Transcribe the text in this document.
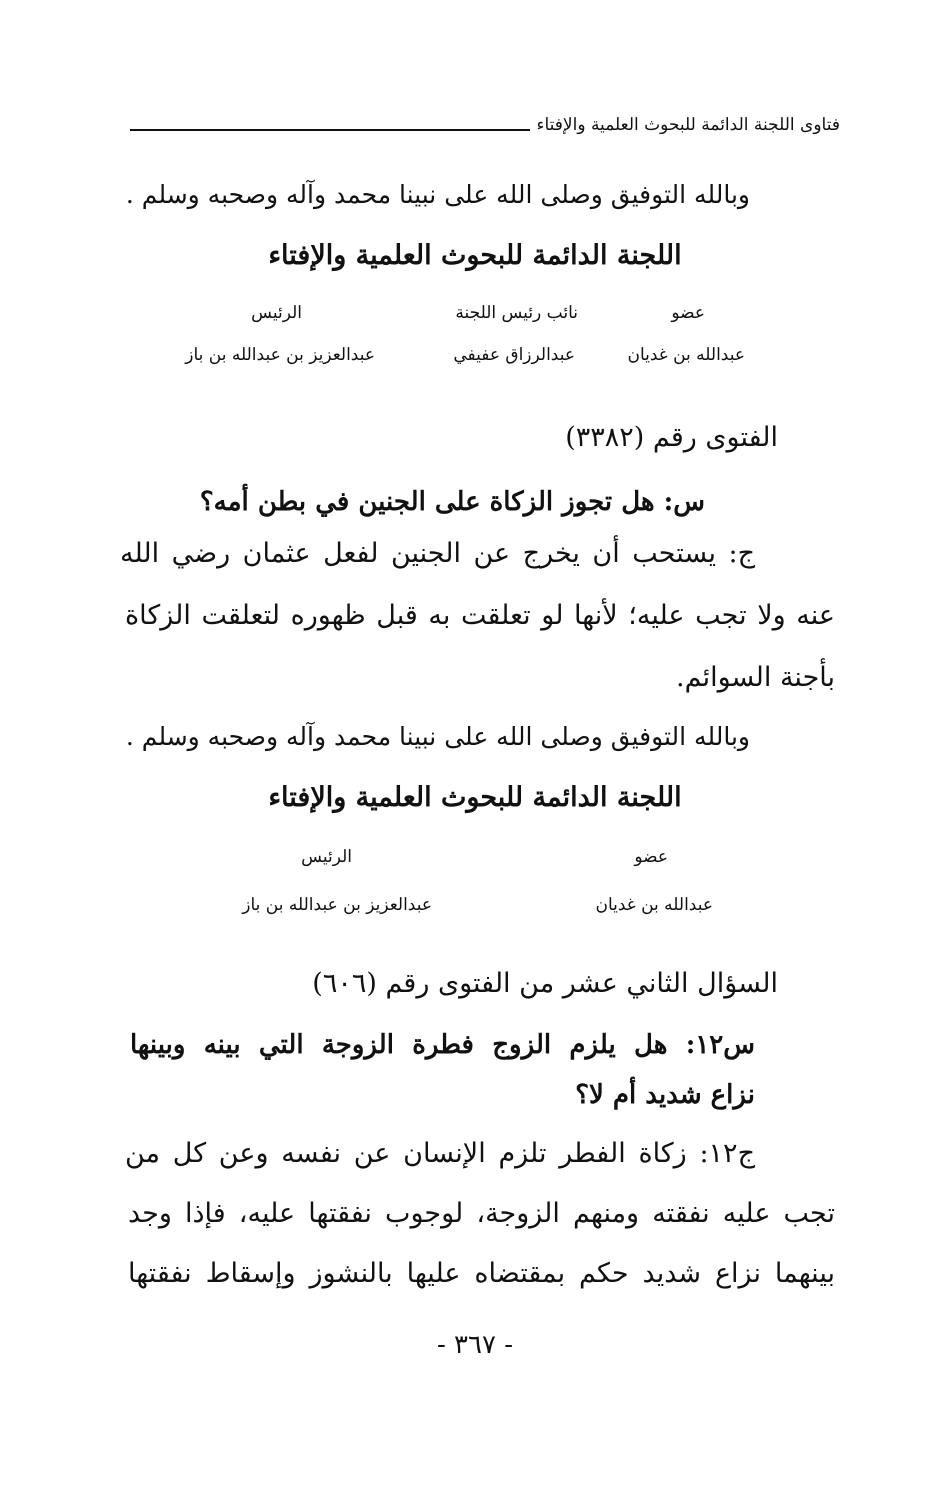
فتاوى اللجنة الدائمة للبحوث العلمية والإفتاء
وبالله التوفيق وصلى الله على نبينا محمد وآله وصحبه وسلم .
اللجنة الدائمة للبحوث العلمية والإفتاء
عضو
نائب رئيس اللجنة
الرئيس
عبدالله بن غديان
عبدالرزاق عفيفي
عبدالعزيز بن عبدالله بن باز
الفتوى رقم (٣٣٨٢)
س: هل تجوز الزكاة على الجنين في بطن أمه؟
ج: يستحب أن يخرج عن الجنين لفعل عثمان رضي الله
عنه ولا تجب عليه؛ لأنها لو تعلقت به قبل ظهوره لتعلقت الزكاة
بأجنة السوائم.
وبالله التوفيق وصلى الله على نبينا محمد وآله وصحبه وسلم .
اللجنة الدائمة للبحوث العلمية والإفتاء
عضو
الرئيس
عبدالله بن غديان
عبدالعزيز بن عبدالله بن باز
السؤال الثاني عشر من الفتوى رقم (٦٠٦)
س١٢: هل يلزم الزوج فطرة الزوجة التي بينه وبينها
نزاع شديد أم لا؟
ج١٢: زكاة الفطر تلزم الإنسان عن نفسه وعن كل من
تجب عليه نفقته ومنهم الزوجة، لوجوب نفقتها عليه، فإذا وجد
بينهما نزاع شديد حكم بمقتضاه عليها بالنشوز وإسقاط نفقتها
- ٣٦٧ -
